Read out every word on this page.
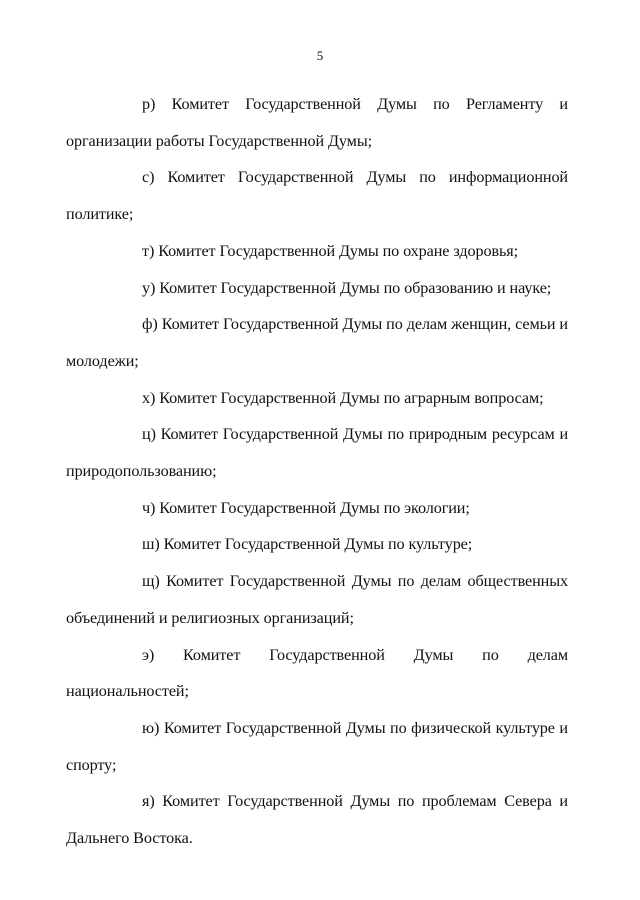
5

р) Комитет Государственной Думы по Регламенту и организации работы Государственной Думы;

с) Комитет Государственной Думы по информационной политике;

т) Комитет Государственной Думы по охране здоровья;

у) Комитет Государственной Думы по образованию и науке;

ф) Комитет Государственной Думы по делам женщин, семьи и молодежи;

х) Комитет Государственной Думы по аграрным вопросам;

ц) Комитет Государственной Думы по природным ресурсам и природопользованию;

ч) Комитет Государственной Думы по экологии;

ш) Комитет Государственной Думы по культуре;

щ) Комитет Государственной Думы по делам общественных объединений и религиозных организаций;

э) Комитет Государственной Думы по делам национальностей;

ю) Комитет Государственной Думы по физической культуре и спорту;

я) Комитет Государственной Думы по проблемам Севера и Дальнего Востока.
